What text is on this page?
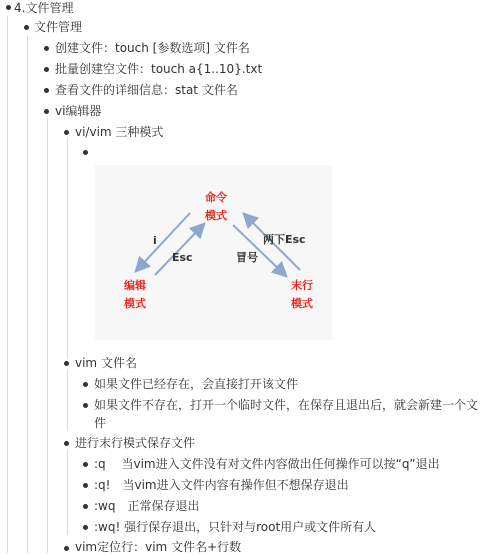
4.文件管理
文件管理
创建文件：touch [参数选项] 文件名
批量创建空文件：touch a{1..10}.txt
查看文件的详细信息：stat 文件名
vi编辑器
vi/vim 三种模式
命令
模式
编辑
模式
末行
模式
i
Esc	冒号
两下Esc
vim 文件名
如果文件已经存在，会直接打开该文件
如果文件不存在，打开一个临时文件，在保存且退出后，就会新建一个文件
进行末行模式保存文件
:q　 当vim进入文件没有对文件内容做出任何操作可以按“q”退出
:q!　当vim进入文件内容有操作但不想保存退出
:wq　正常保存退出
:wq! 强行保存退出，只针对与root用户或文件所有人
vim定位行：vim 文件名+行数
